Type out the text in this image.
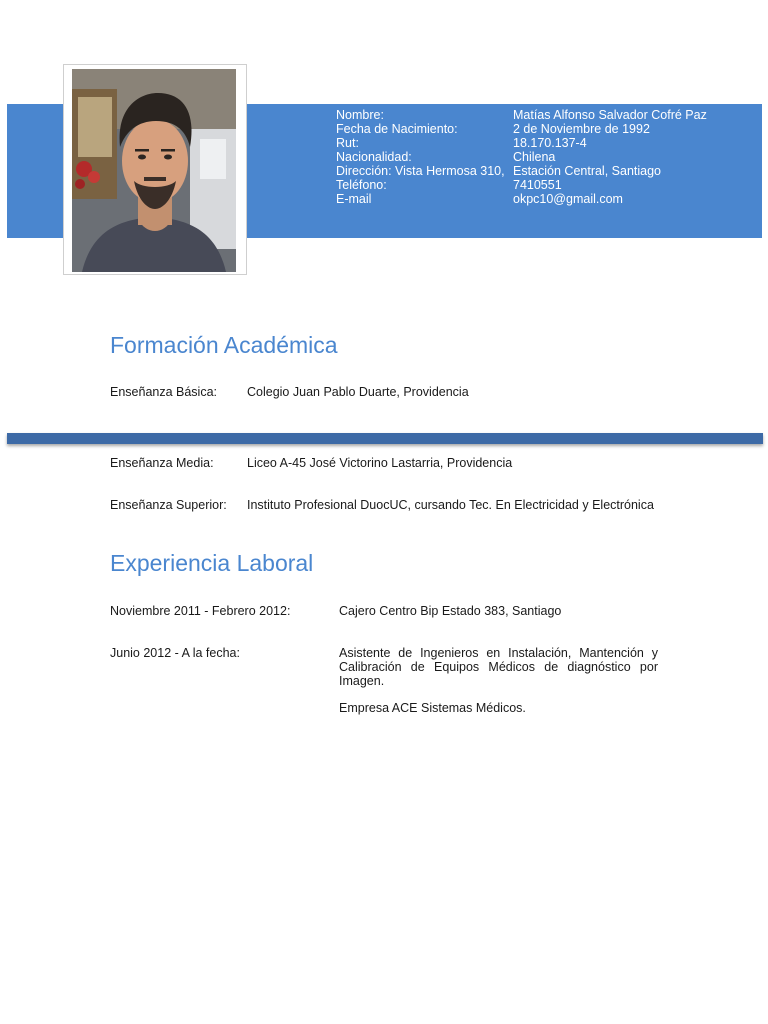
Nombre:	Matías Alfonso Salvador Cofré Paz
Fecha de Nacimiento:	2 de Noviembre de 1992
Rut:	18.170.137-4
Nacionalidad:	Chilena
Dirección: Vista Hermosa 310, Estación Central, Santiago
Teléfono:	7410551
E-mail	okpc10@gmail.com
Formación Académica
Enseñanza Básica: Colegio Juan Pablo Duarte, Providencia
Enseñanza Media:	Liceo A-45 José Victorino Lastarria, Providencia
Enseñanza Superior: Instituto Profesional DuocUC, cursando Tec. En Electricidad y Electrónica
Experiencia Laboral
Noviembre 2011 - Febrero 2012:	Cajero Centro Bip Estado 383, Santiago
Junio 2012 - A la fecha:	Asistente de Ingenieros en Instalación, Mantención y Calibración de Equipos Médicos de diagnóstico por Imagen.
Empresa ACE Sistemas Médicos.
